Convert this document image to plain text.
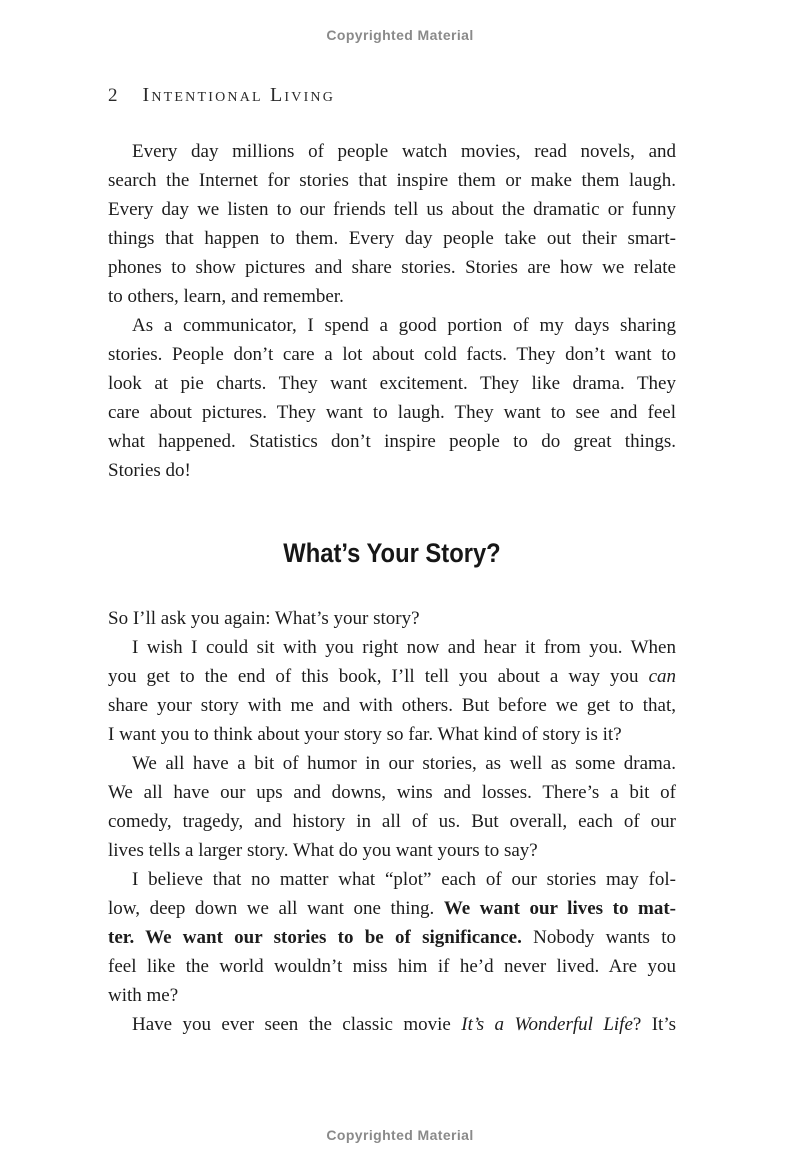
Copyrighted Material
2 Intentional Living
Every day millions of people watch movies, read novels, and
search the Internet for stories that inspire them or make them laugh.
Every day we listen to our friends tell us about the dramatic or funny
things that happen to them. Every day people take out their smart-
phones to show pictures and share stories. Stories are how we relate
to others, learn, and remember.
As a communicator, I spend a good portion of my days sharing
stories. People don’t care a lot about cold facts. They don’t want to
look at pie charts. They want excitement. They like drama. They
care about pictures. They want to laugh. They want to see and feel
what happened. Statistics don’t inspire people to do great things.
Stories do!
What’s Your Story?
So I’ll ask you again: What’s your story?
I wish I could sit with you right now and hear it from you. When
you get to the end of this book, I’ll tell you about a way you can
share your story with me and with others. But before we get to that,
I want you to think about your story so far. What kind of story is it?
We all have a bit of humor in our stories, as well as some drama.
We all have our ups and downs, wins and losses. There’s a bit of
comedy, tragedy, and history in all of us. But overall, each of our
lives tells a larger story. What do you want yours to say?
I believe that no matter what “plot” each of our stories may fol-
low, deep down we all want one thing. We want our lives to mat-
ter. We want our stories to be of significance. Nobody wants to
feel like the world wouldn’t miss him if he’d never lived. Are you
with me?
Have you ever seen the classic movie It’s a Wonderful Life? It’s
Copyrighted Material
